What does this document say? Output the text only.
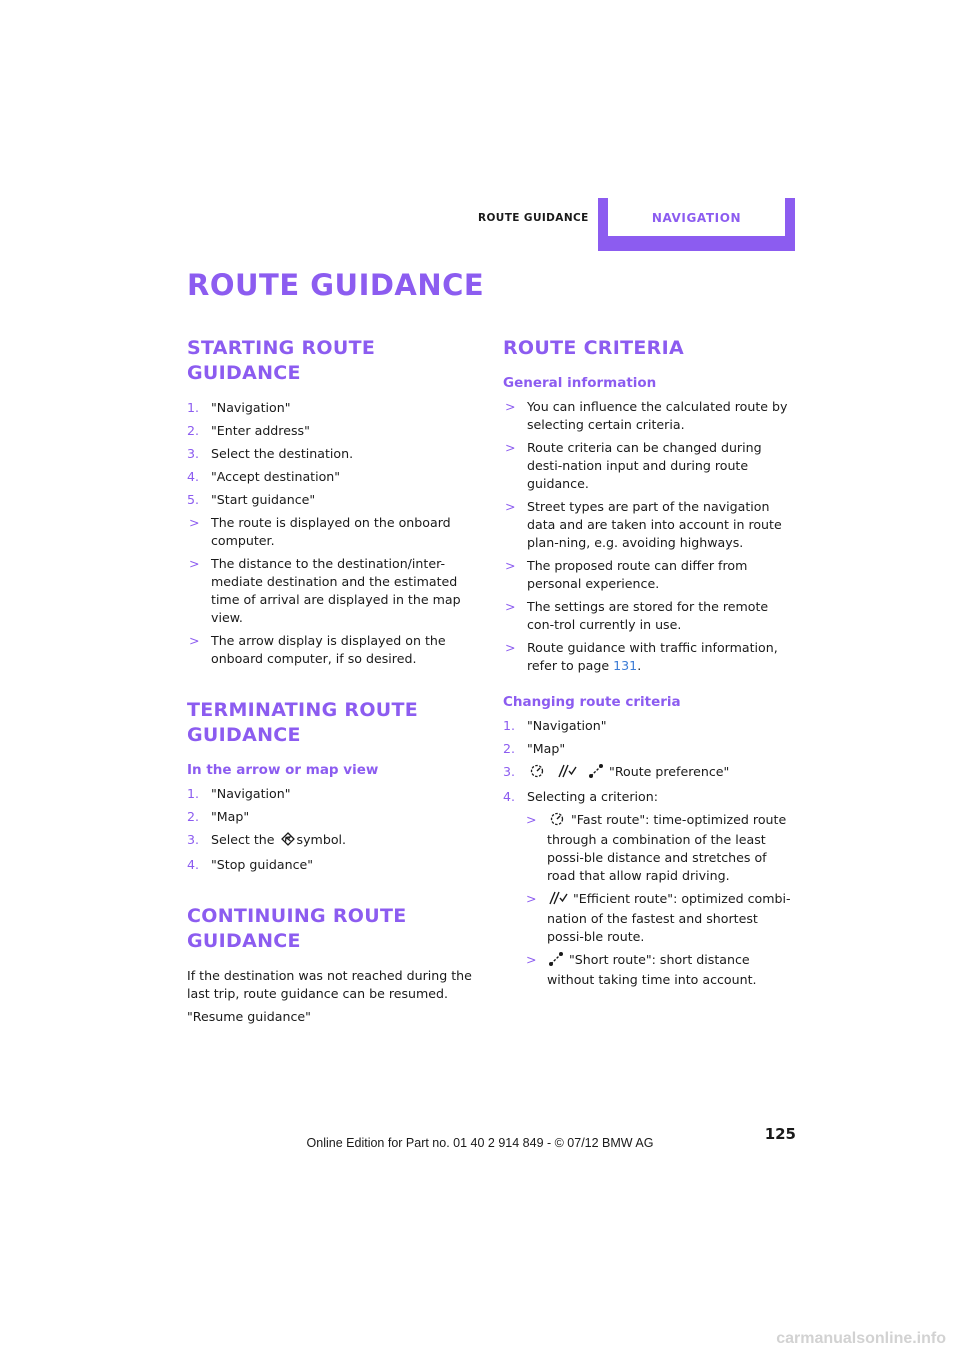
ROUTE GUIDANCE	NAVIGATION
ROUTE GUIDANCE
STARTING ROUTE GUIDANCE
1. "Navigation"
2. "Enter address"
3. Select the destination.
4. "Accept destination"
5. "Start guidance"
> The route is displayed on the onboard computer.
> The distance to the destination/inter-mediate destination and the estimated time of arrival are displayed in the map view.
> The arrow display is displayed on the onboard computer, if so desired.
TERMINATING ROUTE
GUIDANCE
In the arrow or map view
1. "Navigation"
2. "Map"
3. Select the symbol.
4. "Stop guidance"
CONTINUING ROUTE
GUIDANCE

If the destination was not reached during the last trip, route guidance can be resumed.

"Resume guidance"

ROUTE CRITERIA
General information
> You can influence the calculated route by selecting certain criteria.
> Route criteria can be changed during desti-nation input and during route guidance.
> Street types are part of the navigation data and are taken into account in route plan-ning, e.g. avoiding highways.
> The proposed route can differ from personal experience.
> The settings are stored for the remote con-trol currently in use.
> Route guidance with traffic information, refer to page 131.
Changing route criteria
1. "Navigation"
2. "Map"
3.	"Route preference"
4. Selecting a criterion:
>	"Fast route": time-optimized route through a combination of the least possi-ble distance and stretches of road that allow rapid driving.
>	"Efficient route": optimized combi-nation of the fastest and shortest possi-ble route.
>	"Short route": short distance without taking time into account.
125
Online Edition for Part no. 01 40 2 914 849 - © 07/12 BMW AG
carmanualsonline.info
